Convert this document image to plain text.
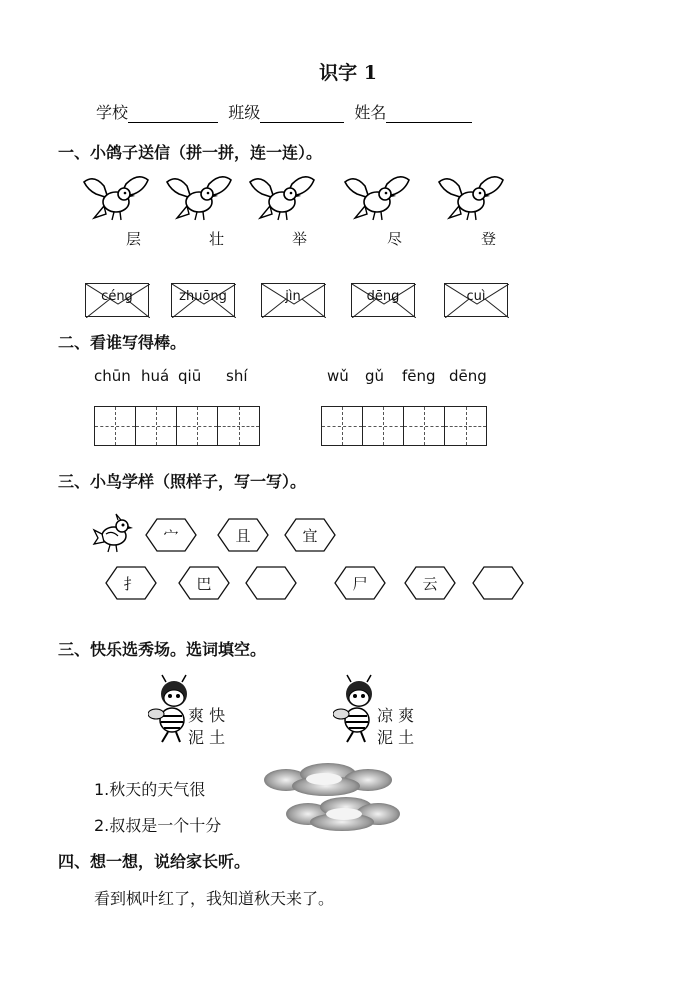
识字 1
学校	班级	姓名
一、小鸽子送信（拼一拼，连一连）。
层	壮	举	尽	登
céng	zhuōng	jìn	dēng	cuì
二、看谁写得棒。
chūn huá qiū shí	wǔ gǔ fēng dēng
三、小鸟学样（照样子，写一写）。
宀	且	宜
扌	巴	尸	云
三、快乐选秀场。选词填空。
爽 快
泥 土
凉 爽
泥 土
1.秋天的天气很
2.叔叔是一个十分
四、想一想，说给家长听。
看到枫叶红了，我知道秋天来了。
